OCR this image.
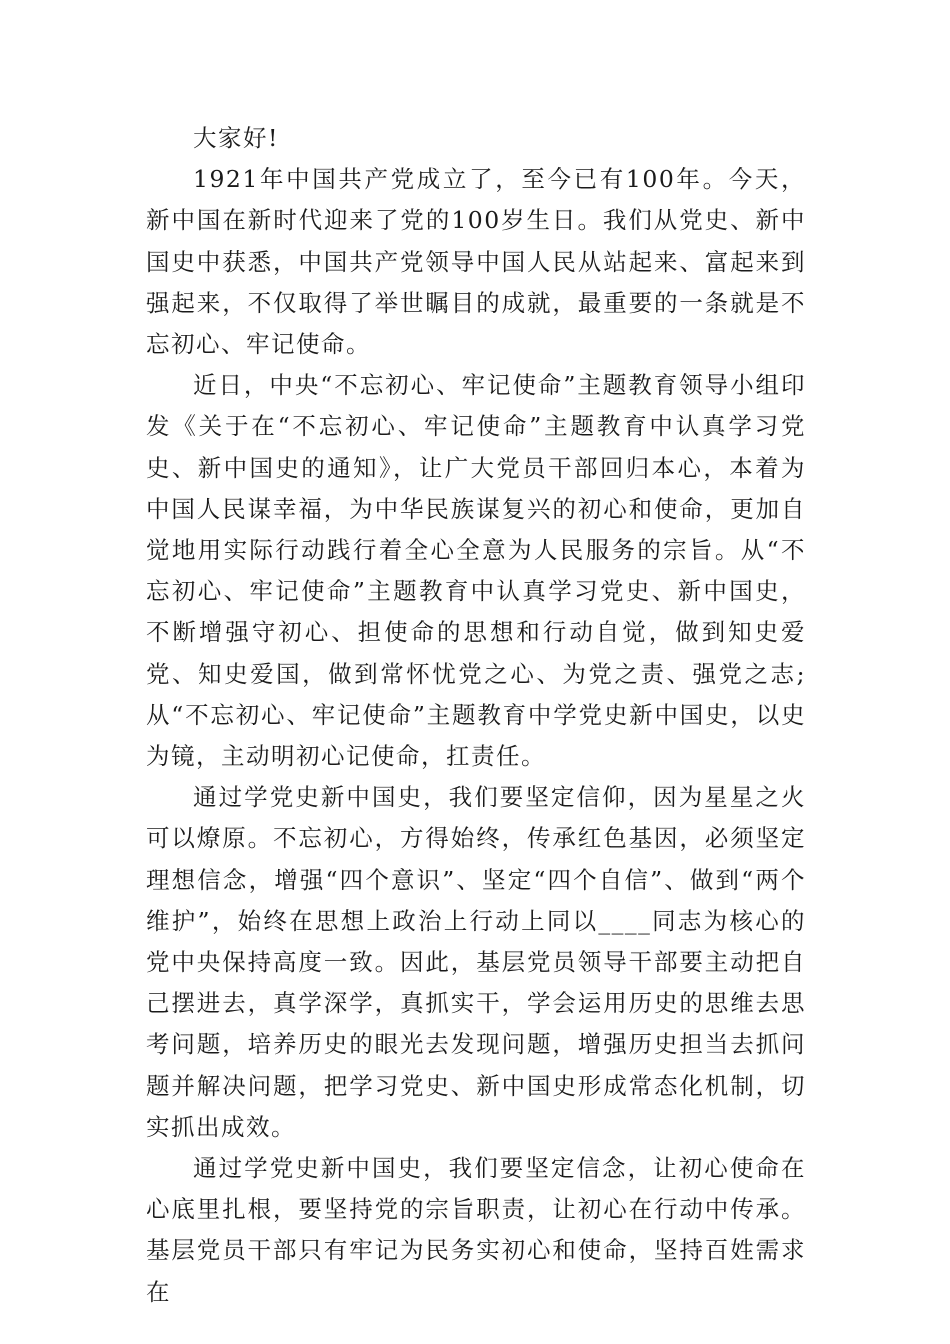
大家好!

1921年中国共产党成立了，至今已有100年。今天，新中国在新时代迎来了党的100岁生日。我们从党史、新中国史中获悉，中国共产党领导中国人民从站起来、富起来到强起来，不仅取得了举世瞩目的成就，最重要的一条就是不忘初心、牢记使命。

近日，中央“不忘初心、牢记使命”主题教育领导小组印发《关于在“不忘初心、牢记使命”主题教育中认真学习党史、新中国史的通知》，让广大党员干部回归本心，本着为中国人民谋幸福，为中华民族谋复兴的初心和使命，更加自觉地用实际行动践行着全心全意为人民服务的宗旨。从“不忘初心、牢记使命”主题教育中认真学习党史、新中国史，不断增强守初心、担使命的思想和行动自觉，做到知史爱党、知史爱国，做到常怀忧党之心、为党之责、强党之志;从“不忘初心、牢记使命”主题教育中学党史新中国史，以史为镜，主动明初心记使命，扛责任。

通过学党史新中国史，我们要坚定信仰，因为星星之火可以燎原。不忘初心，方得始终，传承红色基因，必须坚定理想信念，增强“四个意识”、坚定“四个自信”、做到“两个维护”，始终在思想上政治上行动上同以____同志为核心的党中央保持高度一致。因此，基层党员领导干部要主动把自己摆进去，真学深学，真抓实干，学会运用历史的思维去思考问题，培养历史的眼光去发现问题，增强历史担当去抓问题并解决问题，把学习党史、新中国史形成常态化机制，切实抓出成效。

通过学党史新中国史，我们要坚定信念，让初心使命在心底里扎根，要坚持党的宗旨职责，让初心在行动中传承。基层党员干部只有牢记为民务实初心和使命，坚持百姓需求在
